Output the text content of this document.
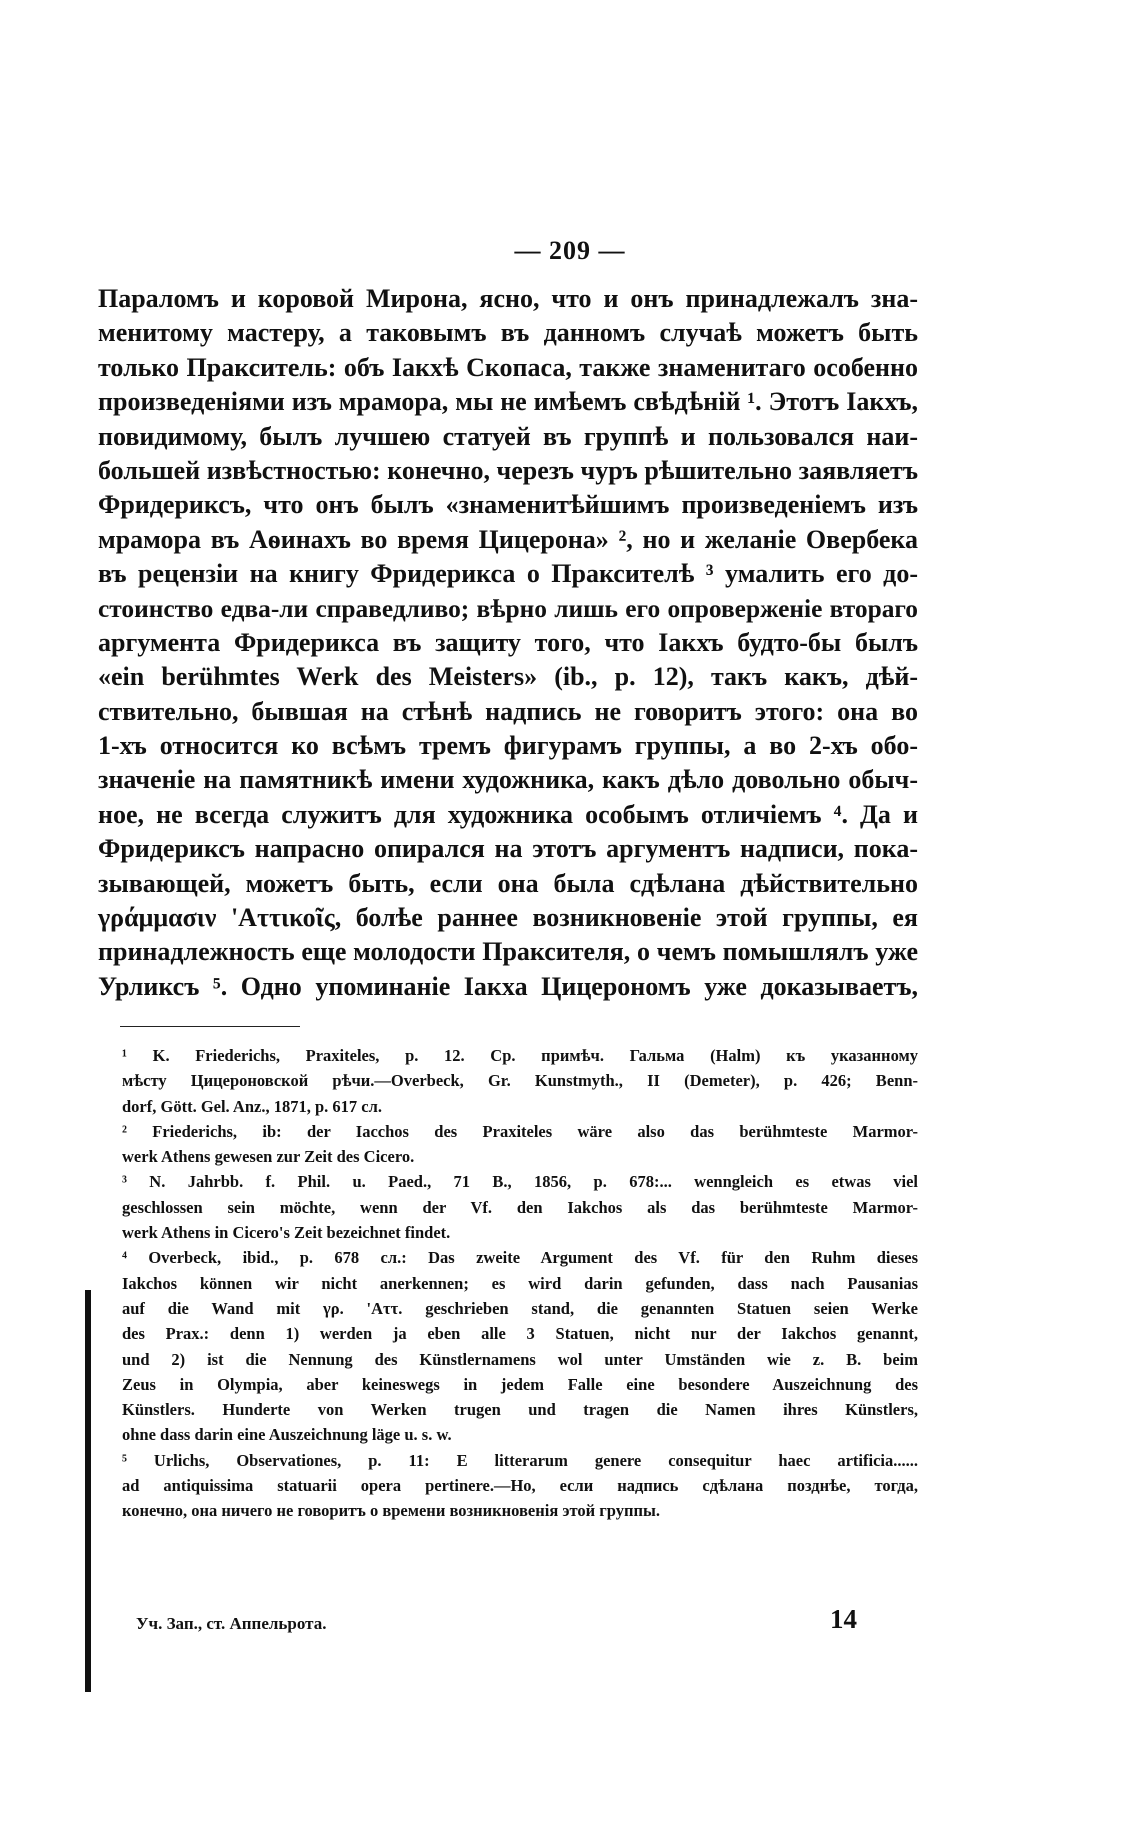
— 209 —
Параломъ и коровой Мирона, ясно, что и онъ принадлежалъ зна-
менитому мастеру, а таковымъ въ данномъ случаѣ можетъ быть
только Пракситель: объ Іакхѣ Скопаса, также знаменитаго особенно
произведеніями изъ мрамора, мы не имѣемъ свѣдѣній ¹. Этотъ Іакхъ,
повидимому, былъ лучшею статуей въ группѣ и пользовался наи-
большей извѣстностью: конечно, черезъ чуръ рѣшительно заявляетъ
Фридериксъ, что онъ былъ «знаменитѣйшимъ произведеніемъ изъ
мрамора въ Аѳинахъ во время Цицерона» ², но и желаніе Овербека
въ рецензіи на книгу Фридерикса о Праксителѣ ³ умалить его до-
стоинство едва-ли справедливо; вѣрно лишь его опроверженіе втораго
аргумента Фридерикса въ защиту того, что Іакхъ будто-бы былъ
«ein berühmtes Werk des Meisters» (ib., p. 12), такъ какъ, дѣй-
ствительно, бывшая на стѣнѣ надпись не говоритъ этого: она во
1-хъ относится ко всѣмъ тремъ фигурамъ группы, а во 2-хъ обо-
значеніе на памятникѣ имени художника, какъ дѣло довольно обыч-
ное, не всегда служитъ для художника особымъ отличіемъ ⁴. Да и
Фридериксъ напрасно опирался на этотъ аргументъ надписи, пока-
зывающей, можетъ быть, если она была сдѣлана дѣйствительно
γράμμασιν 'Αττικοῖς, болѣе раннее возникновеніе этой группы, ея
принадлежность еще молодости Праксителя, о чемъ помышлялъ уже
Урликсъ ⁵. Одно упоминаніе Іакха Цицерономъ уже доказываетъ,
¹ K. Friederichs, Praxiteles, p. 12. Ср. примѣч. Гальма (Halm) къ указанному
мѣсту Цицероновской рѣчи.—Overbeck, Gr. Kunstmyth., II (Demeter), p. 426; Benn-
dorf, Gött. Gel. Anz., 1871, p. 617 сл.
² Friederichs, ib: der Iacchos des Praxiteles wäre also das berühmteste Marmor-
werk Athens gewesen zur Zeit des Cicero.
³ N. Jahrbb. f. Phil. u. Paed., 71 B., 1856, p. 678:... wenngleich es etwas viel
geschlossen sein möchte, wenn der Vf. den Iakchos als das berühmteste Marmor-
werk Athens in Cicero's Zeit bezeichnet findet.
⁴ Overbeck, ibid., p. 678 сл.: Das zweite Argument des Vf. für den Ruhm dieses
Iakchos können wir nicht anerkennen; es wird darin gefunden, dass nach Pausanias
auf die Wand mit γρ. 'Αττ. geschrieben stand, die genannten Statuen seien Werke
des Prax.: denn 1) werden ja eben alle 3 Statuen, nicht nur der Iakchos genannt,
und 2) ist die Nennung des Künstlernamens wol unter Umständen wie z. B. beim
Zeus in Olympia, aber keineswegs in jedem Falle eine besondere Auszeichnung des
Künstlers. Hunderte von Werken trugen und tragen die Namen ihres Künstlers,
ohne dass darin eine Auszeichnung läge u. s. w.
⁵ Urlichs, Observationes, p. 11: E litterarum genere consequitur haec artificia......
ad antiquissima statuarii opera pertinere.—Но, если надпись сдѣлана позднѣе, тогда,
конечно, она ничего не говоритъ о времени возникновенія этой группы.
Уч. Зап., ст. Аппельрота.	14
